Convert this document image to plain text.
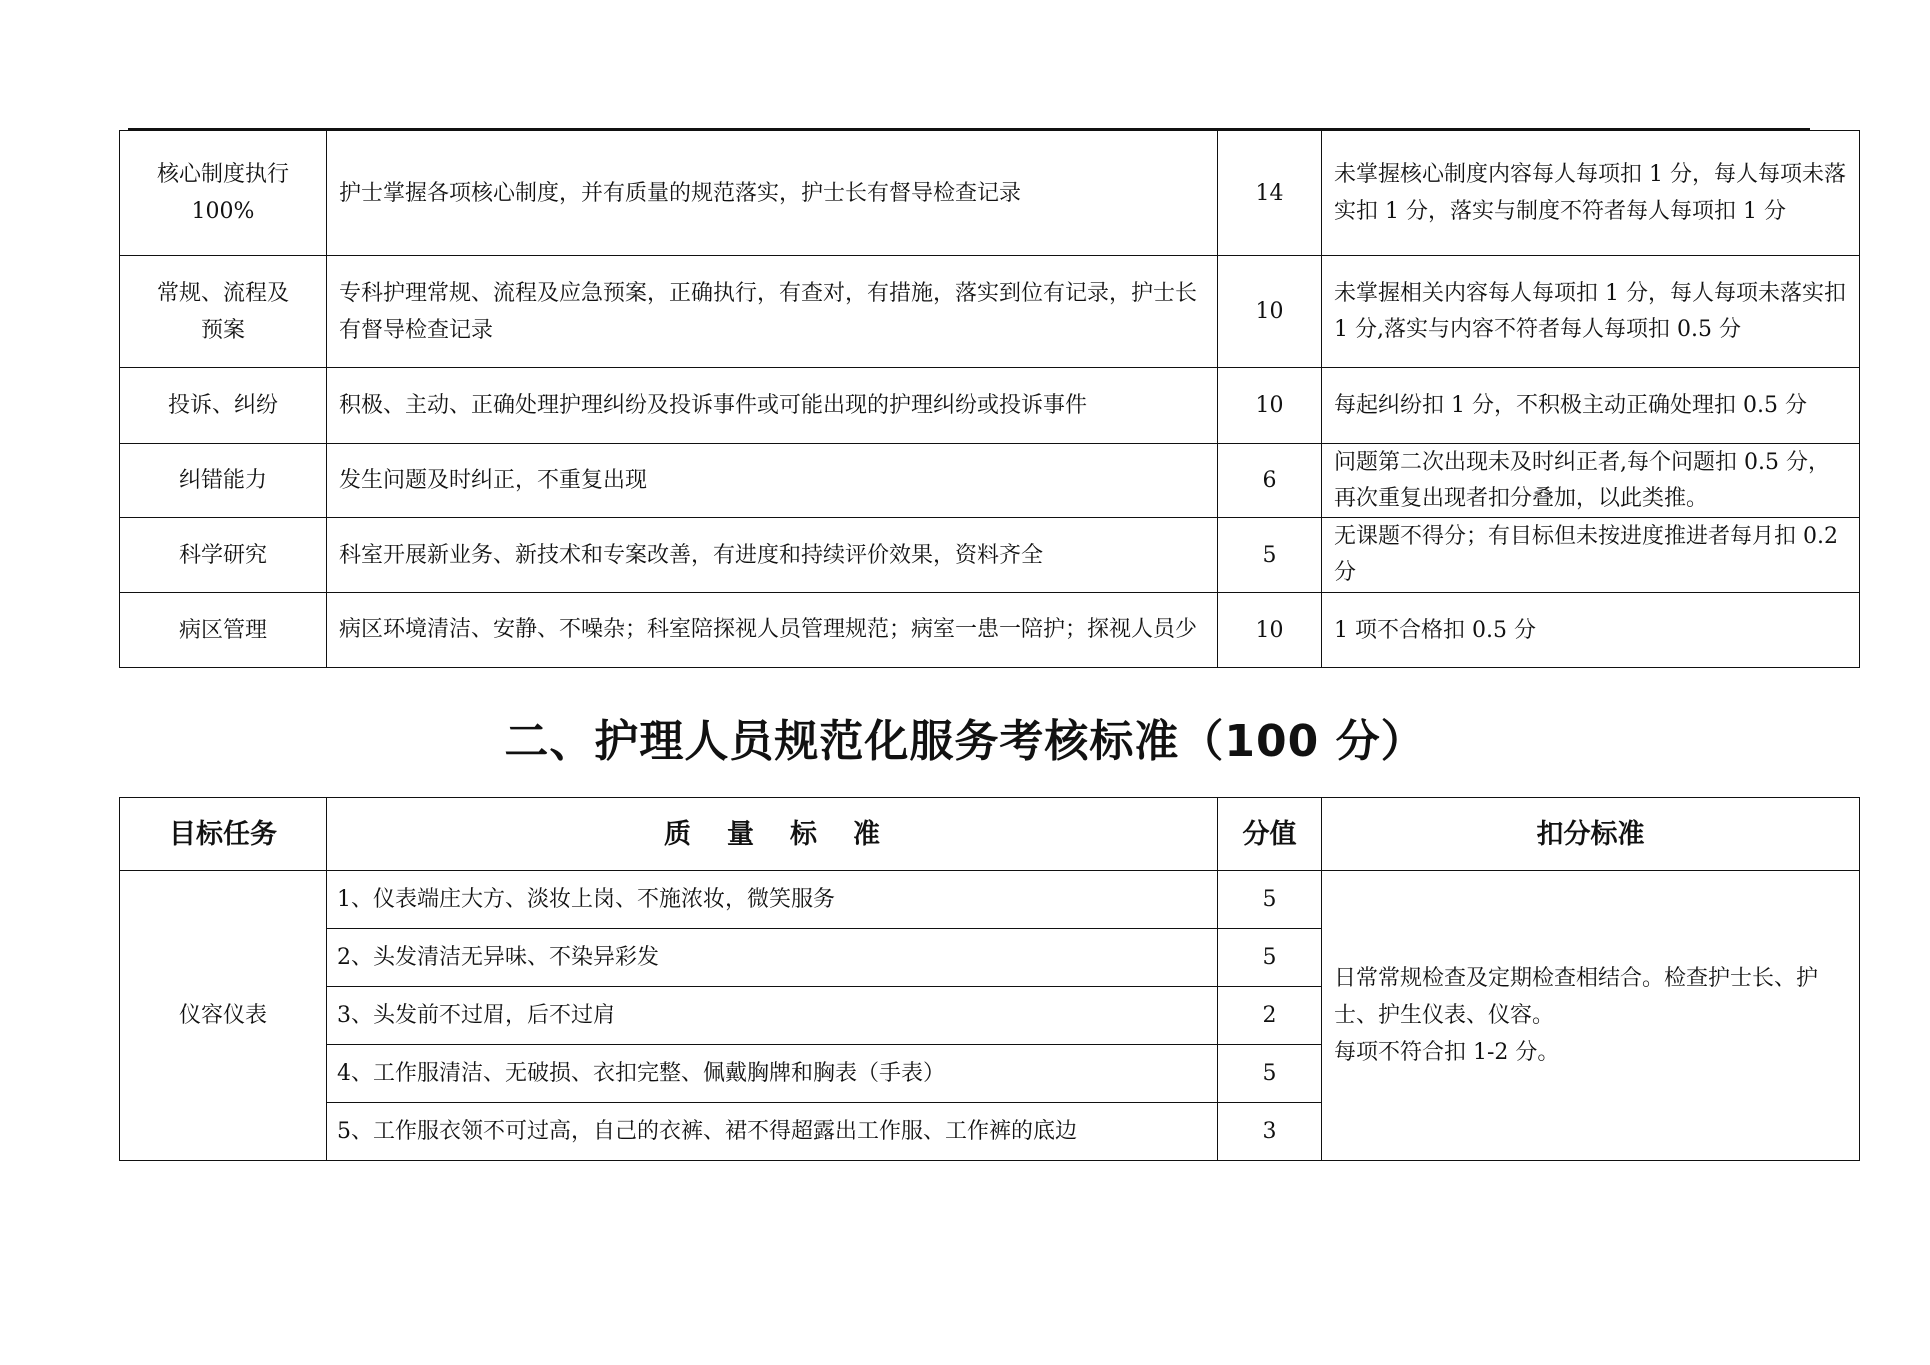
核心制度执行
100%	护士掌握各项核心制度，并有质量的规范落实，护士长有督导检查记录	14	未掌握核心制度内容每人每项扣 1 分，每人每项未落实扣 1 分，落实与制度不符者每人每项扣 1 分

常规、流程及
预案	专科护理常规、流程及应急预案，正确执行，有查对，有措施，落实到位有记录，护士长有督导检查记录	10	未掌握相关内容每人每项扣 1 分，每人每项未落实扣 1 分,落实与内容不符者每人每项扣 0.5 分
投诉、纠纷	积极、主动、正确处理护理纠纷及投诉事件或可能出现的护理纠纷或投诉事件	10	每起纠纷扣 1 分，不积极主动正确处理扣 0.5 分
纠错能力	发生问题及时纠正，不重复出现	6	问题第二次出现未及时纠正者,每个问题扣 0.5 分，再次重复出现者扣分叠加，以此类推。
科学研究	科室开展新业务、新技术和专案改善，有进度和持续评价效果，资料齐全	5	无课题不得分；有目标但未按进度推进者每月扣 0.2 分
病区管理	病区环境清洁、安静、不噪杂；科室陪探视人员管理规范；病室一患一陪护；探视人员少	10	1 项不合格扣 0.5 分
二、护理人员规范化服务考核标准（100 分）
目标任务	质量标准	分值	扣分标准
仪容仪表	1、仪表端庄大方、淡妆上岗、不施浓妆，微笑服务	5	日常常规检查及定期检查相结合。检查护士长、护士、护生仪表、仪容。
每项不符合扣 1-2 分。

	2、头发清洁无异味、不染异彩发	5	
	3、头发前不过眉，后不过肩	2	
	4、工作服清洁、无破损、衣扣完整、佩戴胸牌和胸表（手表）	5	
	5、工作服衣领不可过高，自己的衣裤、裙不得超露出工作服、工作裤的底边	3	
